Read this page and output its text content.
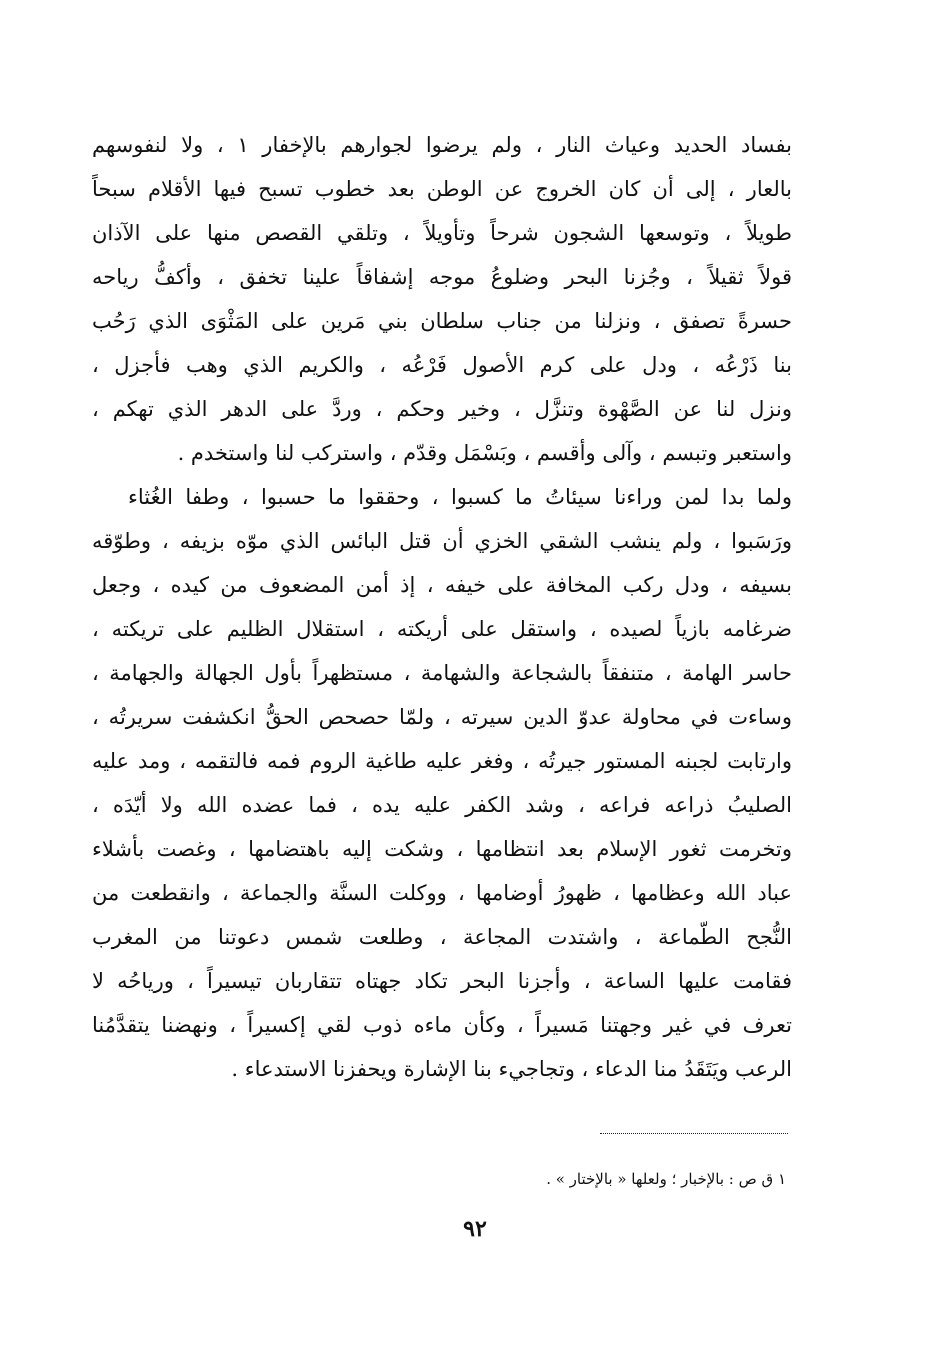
بفساد الحديد وعياث النار ، ولم يرضوا لجوارهم بالإخفار ١ ، ولا لنفوسهم
بالعار ، إلى أن كان الخروج عن الوطن بعد خطوب تسبح فيها الأقلام سبحاً
طويلاً ، وتوسعها الشجون شرحاً وتأويلاً ، وتلقي القصص منها على الآذان
قولاً ثقيلاً ، وجُزنا البحر وضلوعُ موجه إشفاقاً علينا تخفق ، وأكفُّ رياحه
حسرةً تصفق ، ونزلنا من جناب سلطان بني مَرين على المَثْوَى الذي رَحُب
بنا ذَرْعُه ، ودل على كرم الأصول فَرْعُه ، والكريم الذي وهب فأجزل ،
ونزل لنا عن الصَّهْوة وتنزَّل ، وخير وحكم ، وردَّ على الدهر الذي تهكم ،
واستعبر وتبسم ، وآلى وأقسم ، وبَسْمَل وقدّم ، واستركب لنا واستخدم .
ولما بدا لمن وراءنا سيئاتُ ما كسبوا ، وحققوا ما حسبوا ، وطفا الغُثاء
ورَسَبوا ، ولم ينشب الشقي الخزي أن قتل البائس الذي موّه بزيفه ، وطوّقه
بسيفه ، ودل ركب المخافة على خيفه ، إذ أمن المضعوف من كيده ، وجعل
ضرغامه بازياً لصيده ، واستقل على أريكته ، استقلال الظليم على تريكته ،
حاسر الهامة ، متنفقاً بالشجاعة والشهامة ، مستظهراً بأول الجهالة والجهامة ،
وساءت في محاولة عدوّ الدين سيرته ، ولمّا حصحص الحقُّ انكشفت سريرتُه ،
وارتابت لجبنه المستور جيرتُه ، وفغر عليه طاغية الروم فمه فالتقمه ، ومد عليه
الصليبُ ذراعه فراعه ، وشد الكفر عليه يده ، فما عضده الله ولا أيّدَه ،
وتخرمت ثغور الإسلام بعد انتظامها ، وشكت إليه باهتضامها ، وغصت بأشلاء
عباد الله وعظامها ، ظهورُ أوضامها ، ووكلت السنَّة والجماعة ، وانقطعت من
النُّجح الطّماعة ، واشتدت المجاعة ، وطلعت شمس دعوتنا من المغرب
فقامت عليها الساعة ، وأجزنا البحر تكاد جهتاه تتقاربان تيسيراً ، ورياحُه لا
تعرف في غير وجهتنا مَسيراً ، وكأن ماءه ذوب لقي إكسيراً ، ونهضنا يتقدَّمُنا
الرعب ويَتَقَدُ منا الدعاء ، وتجاجيء بنا الإشارة ويحفزنا الاستدعاء .
١ ق ص : بالإخبار ؛ ولعلها « بالإختار » .
٩٢
